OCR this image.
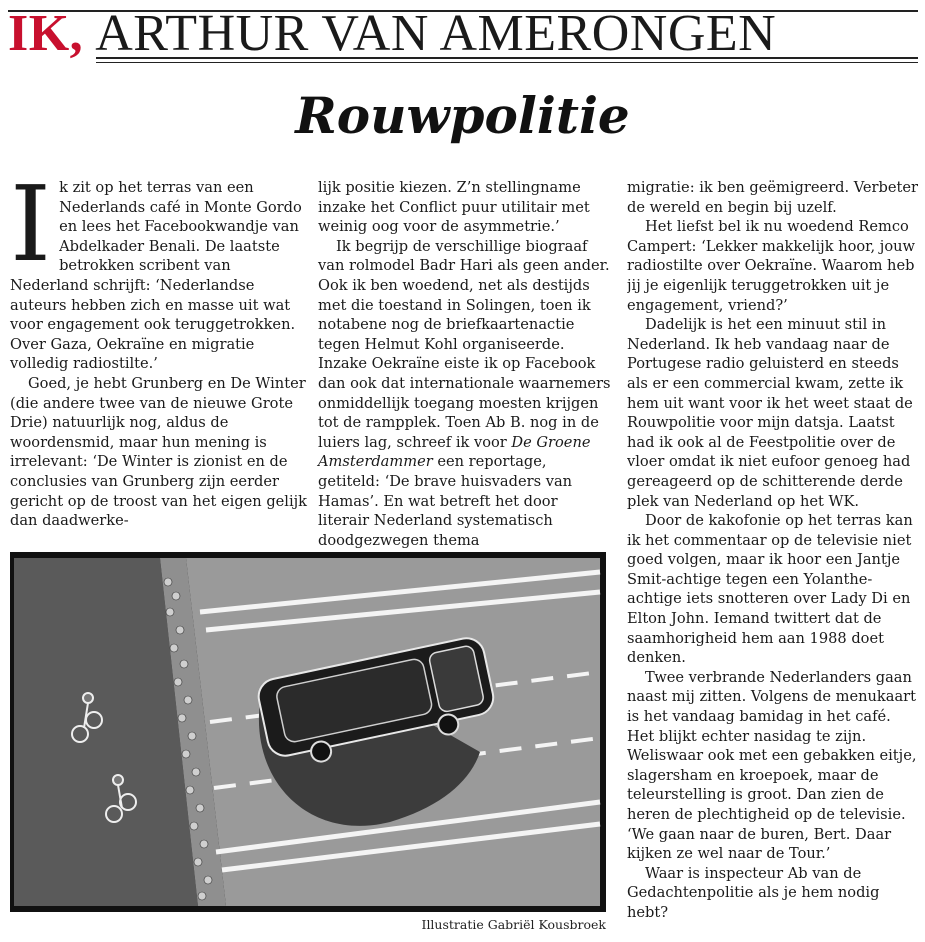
IK, ARTHUR VAN AMERONGEN
Rouwpolitie
I k zit op het terras van een Nederlands café in Monte Gordo en lees het Facebookwandje van Abdelkader Benali. De laatste betrokken scribent van Nederland schrijft: ‘Nederlandse auteurs hebben zich en masse uit wat voor engagement ook teruggetrokken. Over Gaza, Oekraïne en migratie volledig radiostilte.’

Goed, je hebt Grunberg en De Winter (die andere twee van de nieuwe Grote Drie) natuurlijk nog, aldus de woordensmid, maar hun mening is irrelevant: ‘De Winter is zionist en de conclusies van Grunberg zijn eerder gericht op de troost van het eigen gelijk dan daadwerke-

lijk positie kiezen. Z’n stellingname inzake het Conflict puur utilitair met weinig oog voor de asymmetrie.’

Ik begrijp de verschillige biograaf van rolmodel Badr Hari als geen ander. Ook ik ben woedend, net als destijds met die toestand in Solingen, toen ik notabene nog de briefkaartenactie tegen Helmut Kohl organiseerde. Inzake Oekraïne eiste ik op Facebook dan ook dat internationale waarnemers onmiddellijk toegang moesten krijgen tot de rampplek. Toen Ab B. nog in de luiers lag, schreef ik voor De Groene Amsterdammer een reportage, getiteld: ‘De brave huisvaders van Hamas’. En wat betreft het door literair Nederland systematisch doodgezwegen thema

migratie: ik ben geëmigreerd. Verbeter de wereld en begin bij uzelf.

Het liefst bel ik nu woedend Remco Campert: ‘Lekker makkelijk hoor, jouw radiostilte over Oekraïne. Waarom heb jij je eigenlijk teruggetrokken uit je engagement, vriend?’

Dadelijk is het een minuut stil in Nederland. Ik heb vandaag naar de Portugese radio geluisterd en steeds als er een commercial kwam, zette ik hem uit want voor ik het weet staat de Rouwpolitie voor mijn datsja. Laatst had ik ook al de Feestpolitie over de vloer omdat ik niet eufoor genoeg had gereageerd op de schitterende derde plek van Nederland op het WK.

Door de kakofonie op het terras kan ik het commentaar op de televisie niet goed volgen, maar ik hoor een Jantje Smit-achtige tegen een Yolanthe-achtige iets snotteren over Lady Di en Elton John. Iemand twittert dat de saamhorigheid hem aan 1988 doet denken.

Twee verbrande Nederlanders gaan naast mij zitten. Volgens de menukaart is het vandaag bamidag in het café. Het blijkt echter nasidag te zijn. Weliswaar ook met een gebakken eitje, slagersham en kroepoek, maar de teleurstelling is groot. Dan zien de heren de plechtigheid op de televisie. ‘We gaan naar de buren, Bert. Daar kijken ze wel naar de Tour.’

Waar is inspecteur Ab van de Gedachtenpolitie als je hem nodig hebt?

Illustratie Gabriël Kousbroek
